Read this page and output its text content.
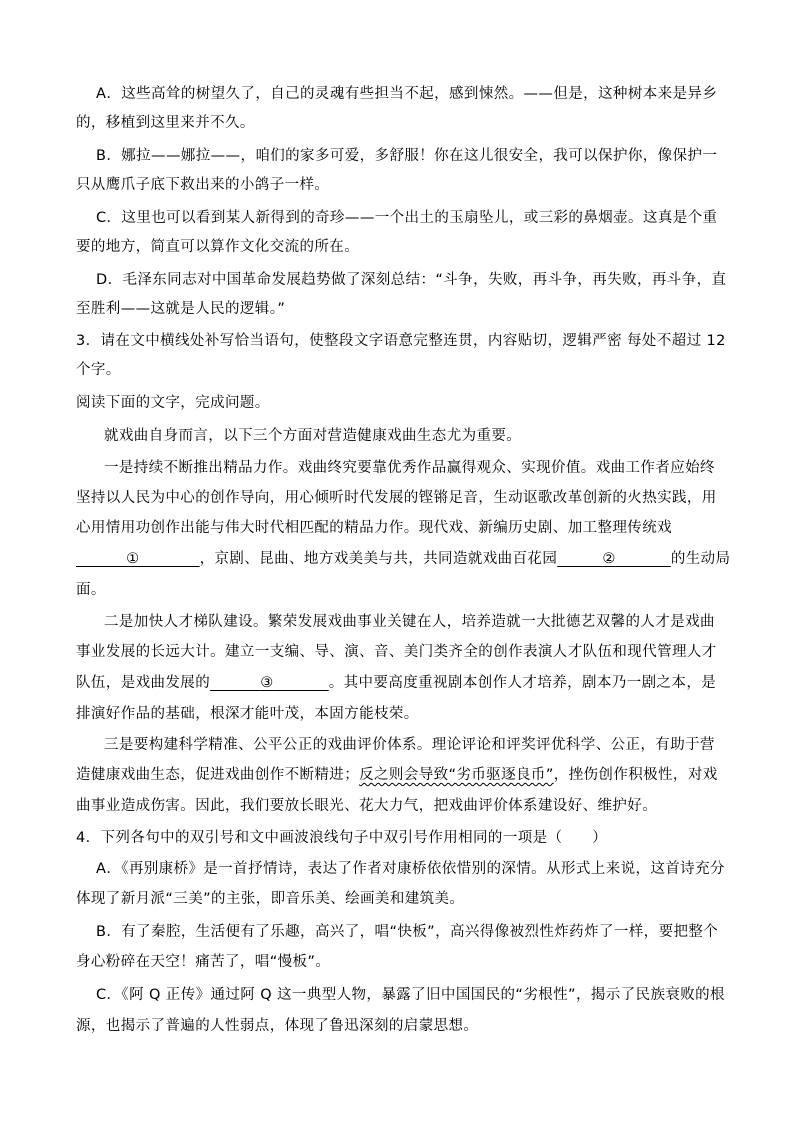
A．这些高耸的树望久了，自己的灵魂有些担当不起，感到悚然。——但是，这种树本来是异乡
的，移植到这里来并不久。
B．娜拉——娜拉——，咱们的家多可爱，多舒服！你在这儿很安全，我可以保护你，像保护一
只从鹰爪子底下救出来的小鸽子一样。
C．这里也可以看到某人新得到的奇珍——一个出土的玉扇坠儿，或三彩的鼻烟壶。这真是个重
要的地方，简直可以算作文化交流的所在。
D．毛泽东同志对中国革命发展趋势做了深刻总结：“斗争，失败，再斗争，再失败，再斗争，直
至胜利——这就是人民的逻辑。”
3．请在文中横线处补写恰当语句，使整段文字语意完整连贯，内容贴切，逻辑严密 每处不超过 12
个字。
阅读下面的文字，完成问题。
就戏曲自身而言，以下三个方面对营造健康戏曲生态尤为重要。
一是持续不断推出精品力作。戏曲终究要靠优秀作品赢得观众、实现价值。戏曲工作者应始终
坚持以人民为中心的创作导向，用心倾听时代发展的铿锵足音，生动讴歌改革创新的火热实践，用
心用情用功创作出能与伟大时代相匹配的精品力作。现代戏、新编历史剧、加工整理传统戏
①	，京剧、昆曲、地方戏美美与共，共同造就戏曲百花园	②	的生动局
面。
二是加快人才梯队建设。繁荣发展戏曲事业关键在人，培养造就一大批德艺双馨的人才是戏曲
事业发展的长远大计。建立一支编、导、演、音、美门类齐全的创作表演人才队伍和现代管理人才
队伍，是戏曲发展的	③	。其中要高度重视剧本创作人才培养，剧本乃一剧之本，是
排演好作品的基础，根深才能叶茂，本固方能枝荣。
三是要构建科学精准、公平公正的戏曲评价体系。理论评论和评奖评优科学、公正，有助于营
造健康戏曲生态，促进戏曲创作不断精进；反之则会导致“劣币驱逐良币”，挫伤创作积极性，对戏
曲事业造成伤害。因此，我们要放长眼光、花大力气，把戏曲评价体系建设好、维护好。
4．下列各句中的双引号和文中画波浪线句子中双引号作用相同的一项是（　　）
A．《再别康桥》是一首抒情诗，表达了作者对康桥依依惜别的深情。从形式上来说，这首诗充分
体现了新月派“三美”的主张，即音乐美、绘画美和建筑美。
B．有了秦腔，生活便有了乐趣，高兴了，唱“快板”，高兴得像被烈性炸药炸了一样，要把整个
身心粉碎在天空！痛苦了，唱“慢板”。
C．《阿 Q 正传》通过阿 Q 这一典型人物，暴露了旧中国国民的“劣根性”，揭示了民族衰败的根
源，也揭示了普遍的人性弱点，体现了鲁迅深刻的启蒙思想。
